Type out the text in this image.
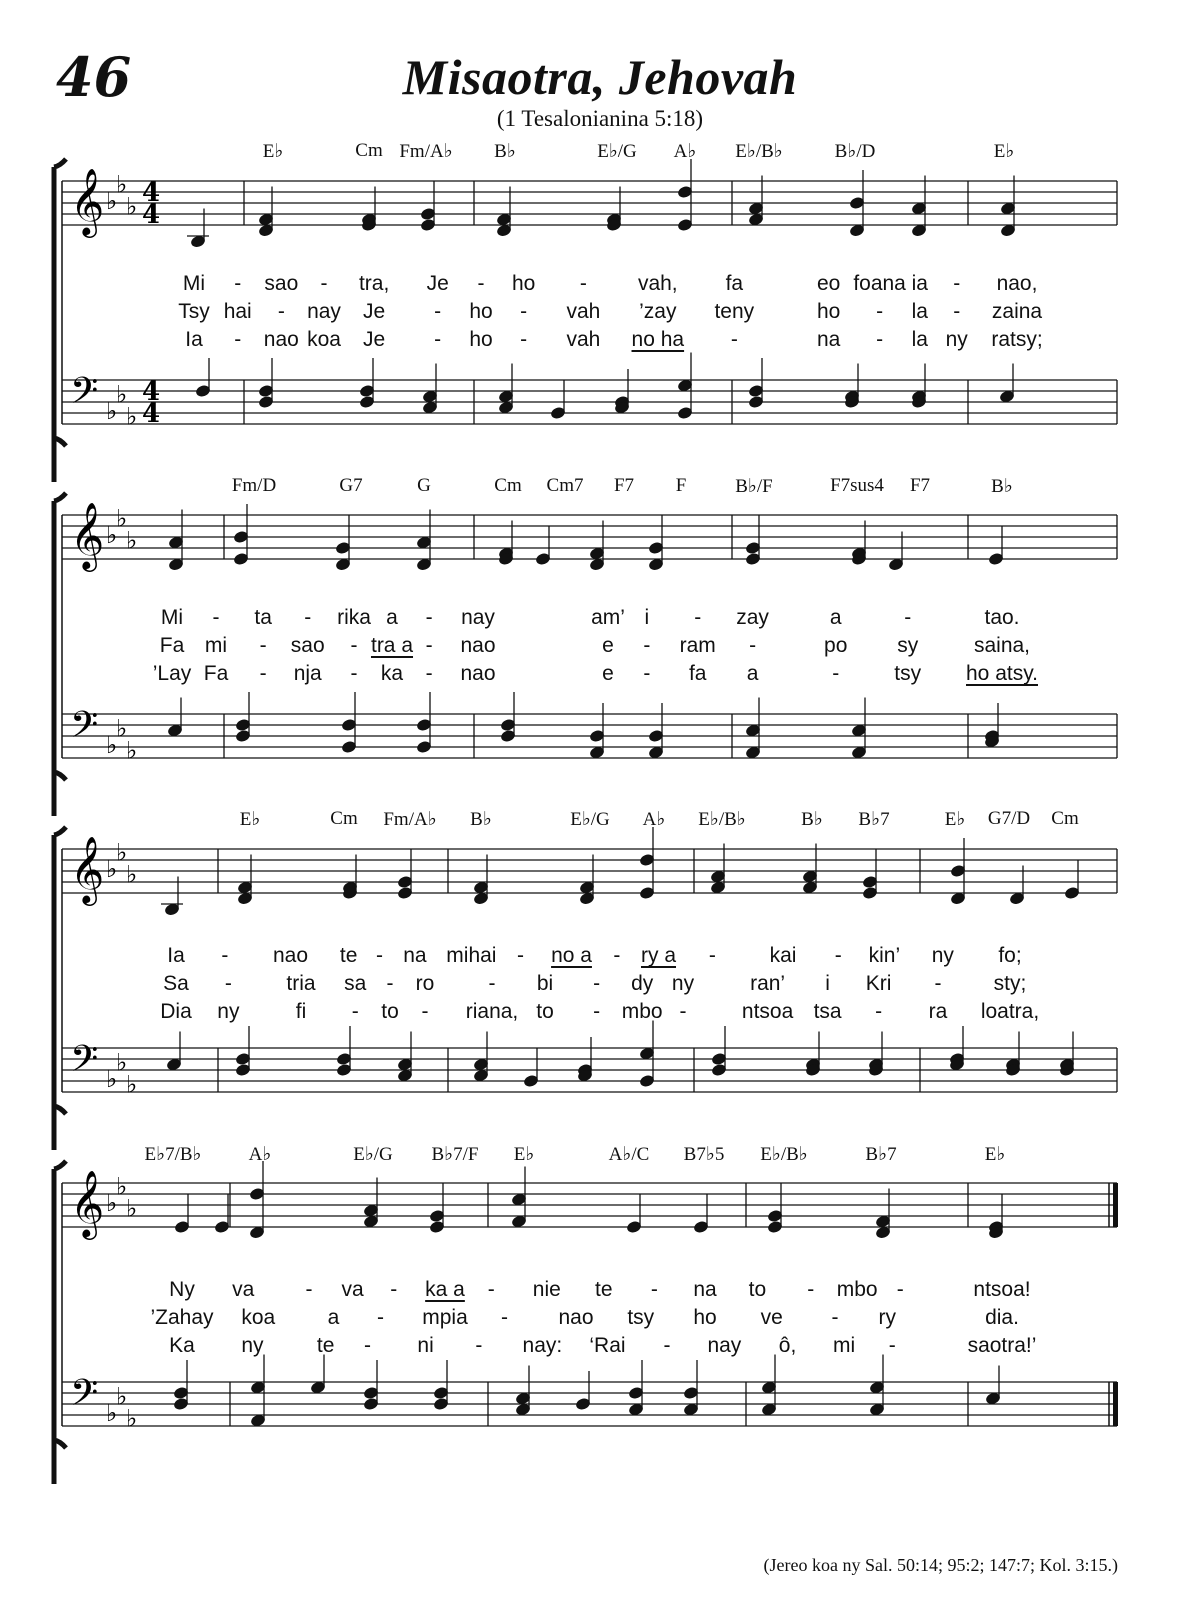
46	Misaotra, Jehovah
(1 Tesalonianina 5:18)
𝄞
𝄢
♭
♭
♭
♭
♭
♭
4
4
4
4
𝄞
𝄢
♭
♭
♭
♭
♭
♭
𝄞
𝄢
♭
♭
♭
♭
♭
♭
𝄞
𝄢
♭
♭
♭
♭
♭
♭
E♭	Cm Fm/A♭ B♭	E♭/G A♭ E♭/B♭	B♭/D	E♭
Fm/D	G7	G	Cm Cm7 F7 F	B♭/F	F7sus4 F7	B♭
E♭	Cm Fm/A♭ B♭	E♭/G A♭ E♭/B♭	B♭ B♭7	E♭ G7/D Cm
E♭7/B♭ A♭	E♭/G B♭7/F E♭	A♭/C B7♭5 E♭/B♭	B♭7	E♭
Mi - sao - tra, Je - ho - vah, fa	eo foana ia - nao,
Tsy hai - nay Je - ho - vah ’zay teny	ho - la - zaina
Ia - nao koa Je - ho - vah no ha -	na - la ny ratsy;
Mi - ta - rika a - nay	am’ i - zay	a	-	tao.
Fa mi - sao - tra a - nao	e - ram -	po sy	saina,
’Lay Fa - nja - ka - nao	e - fa a	-	tsy ho atsy.
Ia - nao te - na mihai - no a - ry a -	kai - kin’ ny fo;
Sa -	tria sa - ro	- bi - dy ny	ran’ i Kri - sty;
Dia ny	fi - to - riana, to - mbo -	ntsoa tsa - ra loatra,
Ny va - va - ka a - nie te - na to - mbo -	ntsoa!
’Zahay koa a - mpia - nao tsy ho ve - ry	dia.
Ka ny	te - ni - nay: ‘Rai - nay ô, mi -	saotra!’
(Jereo koa ny Sal. 50:14; 95:2; 147:7; Kol. 3:15.)
